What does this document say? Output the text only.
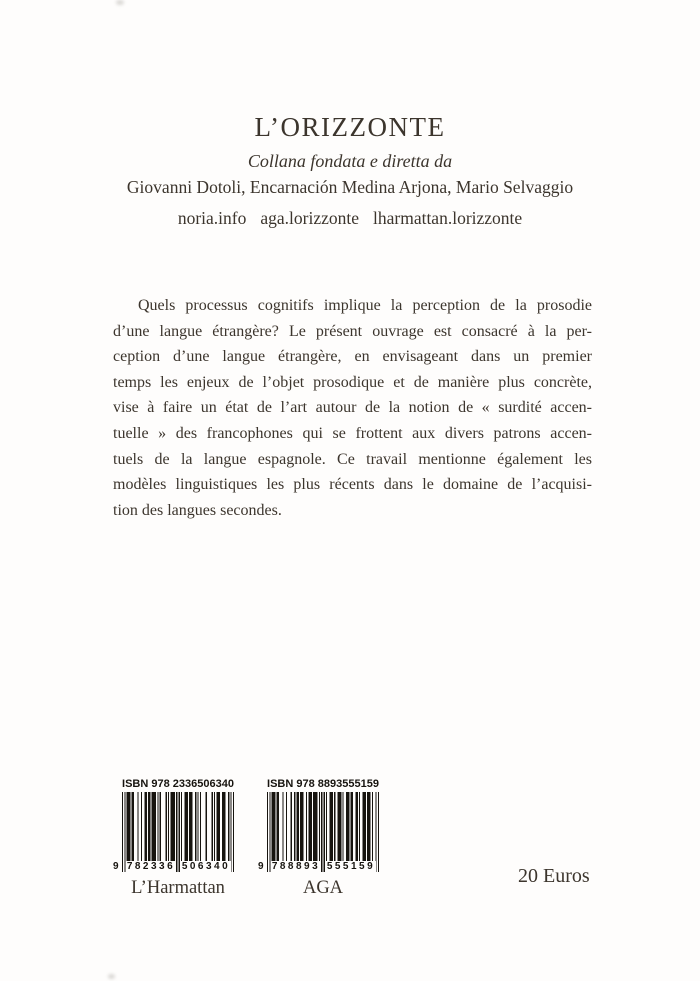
L’ORIZZONTE
Collana fondata e diretta da
Giovanni Dotoli, Encarnación Medina Arjona, Mario Selvaggio
noria.info aga.lorizzonte lharmattan.lorizzonte
Quels processus cognitifs implique la perception de la prosodie
d’une langue étrangère? Le présent ouvrage est consacré à la per-
ception d’une langue étrangère, en envisageant dans un premier
temps les enjeux de l’objet prosodique et de manière plus concrète,
vise à faire un état de l’art autour de la notion de « surdité accen-
tuelle » des francophones qui se frottent aux divers patrons accen-
tuels de la langue espagnole. Ce travail mentionne également les
modèles linguistiques les plus récents dans le domaine de l’acquisi-
tion des langues secondes.
ISBN 978 2336506340
9 782336 506340
L’Harmattan
ISBN 978 8893555159
9 788893 555159
AGA
20 Euros
